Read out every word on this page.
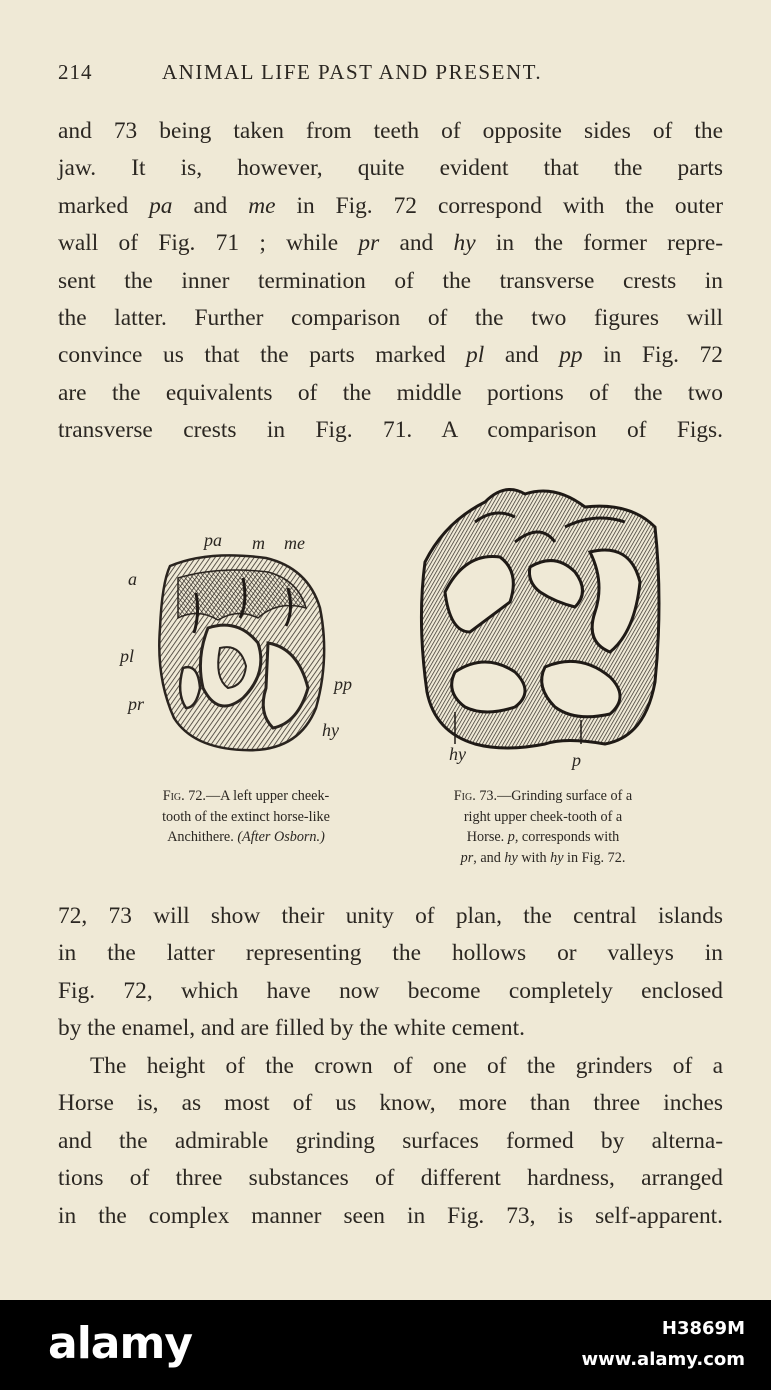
214	ANIMAL LIFE PAST AND PRESENT.
and 73 being taken from teeth of opposite sides of the
jaw. It is, however, quite evident that the parts
marked pa and me in Fig. 72 correspond with the outer
wall of Fig. 71 ; while pr and hy in the former repre-
sent the inner termination of the transverse crests in
the latter. Further comparison of the two figures will
convince us that the parts marked pl and pp in Fig. 72
are the equivalents of the middle portions of the two
transverse crests in Fig. 71. A comparison of Figs.
pa m me
a
pl
pr
pp
hy
hy	p
Fig. 72.—A left upper cheek-
tooth of the extinct horse-like
Anchithere. (After Osborn.)
Fig. 73.—Grinding surface of a
right upper cheek-tooth of a
Horse. p, corresponds with
pr, and hy with hy in Fig. 72.
72, 73 will show their unity of plan, the central islands
in the latter representing the hollows or valleys in
Fig. 72, which have now become completely enclosed
by the enamel, and are filled by the white cement.
The height of the crown of one of the grinders of a
Horse is, as most of us know, more than three inches
and the admirable grinding surfaces formed by alterna-
tions of three substances of different hardness, arranged
in the complex manner seen in Fig. 73, is self-apparent.
alamy	H3869M
www.alamy.com
